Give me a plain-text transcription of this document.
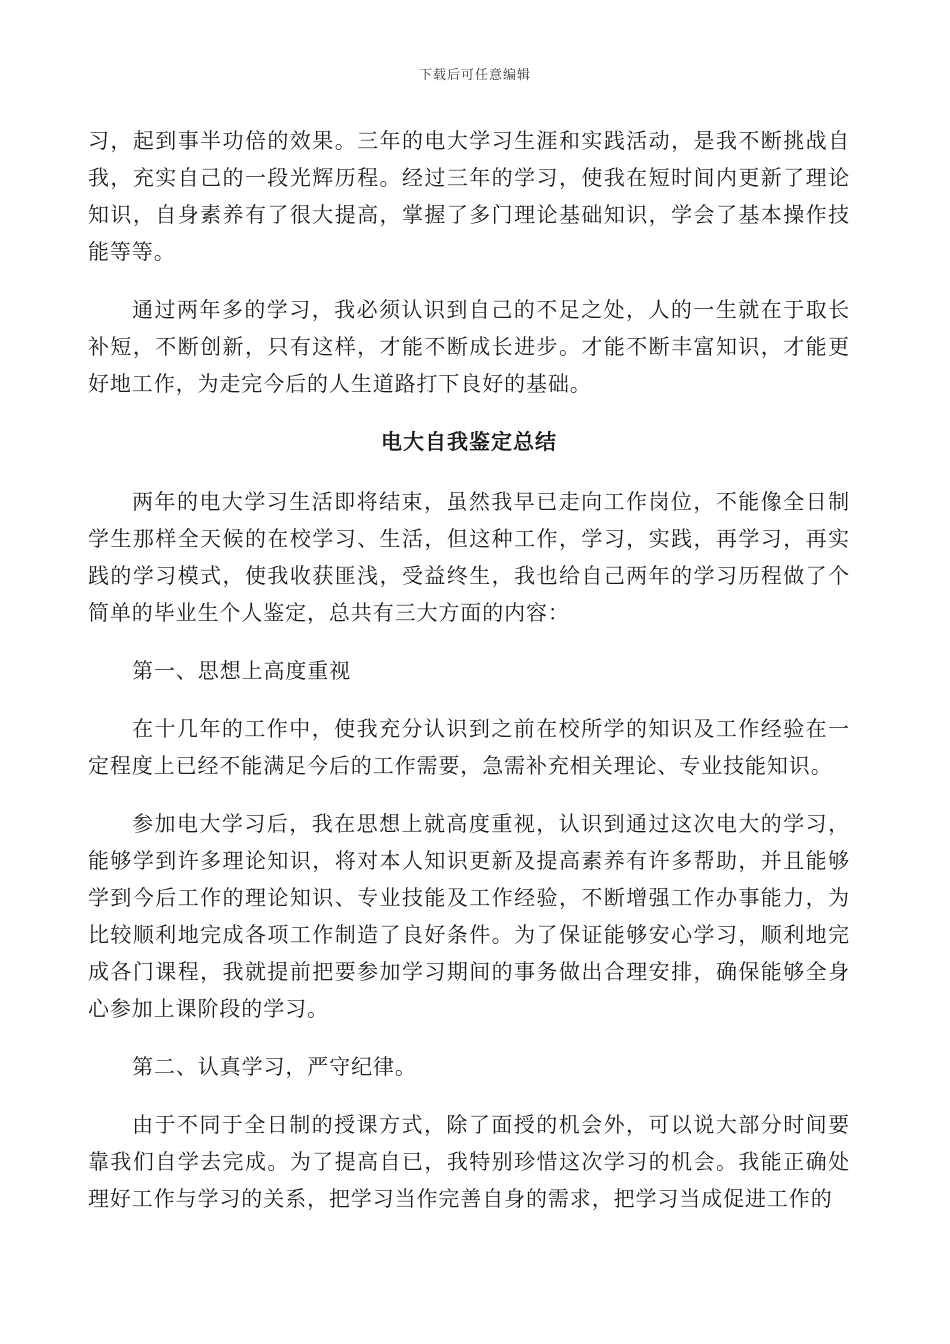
下载后可任意编辑

习，起到事半功倍的效果。三年的电大学习生涯和实践活动，是我不断挑战自我，充实自己的一段光辉历程。经过三年的学习，使我在短时间内更新了理论知识，自身素养有了很大提高，掌握了多门理论基础知识，学会了基本操作技能等等。

通过两年多的学习，我必须认识到自己的不足之处，人的一生就在于取长补短，不断创新，只有这样，才能不断成长进步。才能不断丰富知识，才能更好地工作，为走完今后的人生道路打下良好的基础。

电大自我鉴定总结

两年的电大学习生活即将结束，虽然我早已走向工作岗位，不能像全日制学生那样全天候的在校学习、生活，但这种工作，学习，实践，再学习，再实践的学习模式，使我收获匪浅，受益终生，我也给自己两年的学习历程做了个简单的毕业生个人鉴定，总共有三大方面的内容：

第一、思想上高度重视

在十几年的工作中，使我充分认识到之前在校所学的知识及工作经验在一定程度上已经不能满足今后的工作需要，急需补充相关理论、专业技能知识。

参加电大学习后，我在思想上就高度重视，认识到通过这次电大的学习，能够学到许多理论知识，将对本人知识更新及提高素养有许多帮助，并且能够学到今后工作的理论知识、专业技能及工作经验，不断增强工作办事能力，为比较顺利地完成各项工作制造了良好条件。为了保证能够安心学习，顺利地完成各门课程，我就提前把要参加学习期间的事务做出合理安排，确保能够全身心参加上课阶段的学习。

第二、认真学习，严守纪律。

由于不同于全日制的授课方式，除了面授的机会外，可以说大部分时间要靠我们自学去完成。为了提高自已，我特别珍惜这次学习的机会。我能正确处理好工作与学习的关系，把学习当作完善自身的需求，把学习当成促进工作的
